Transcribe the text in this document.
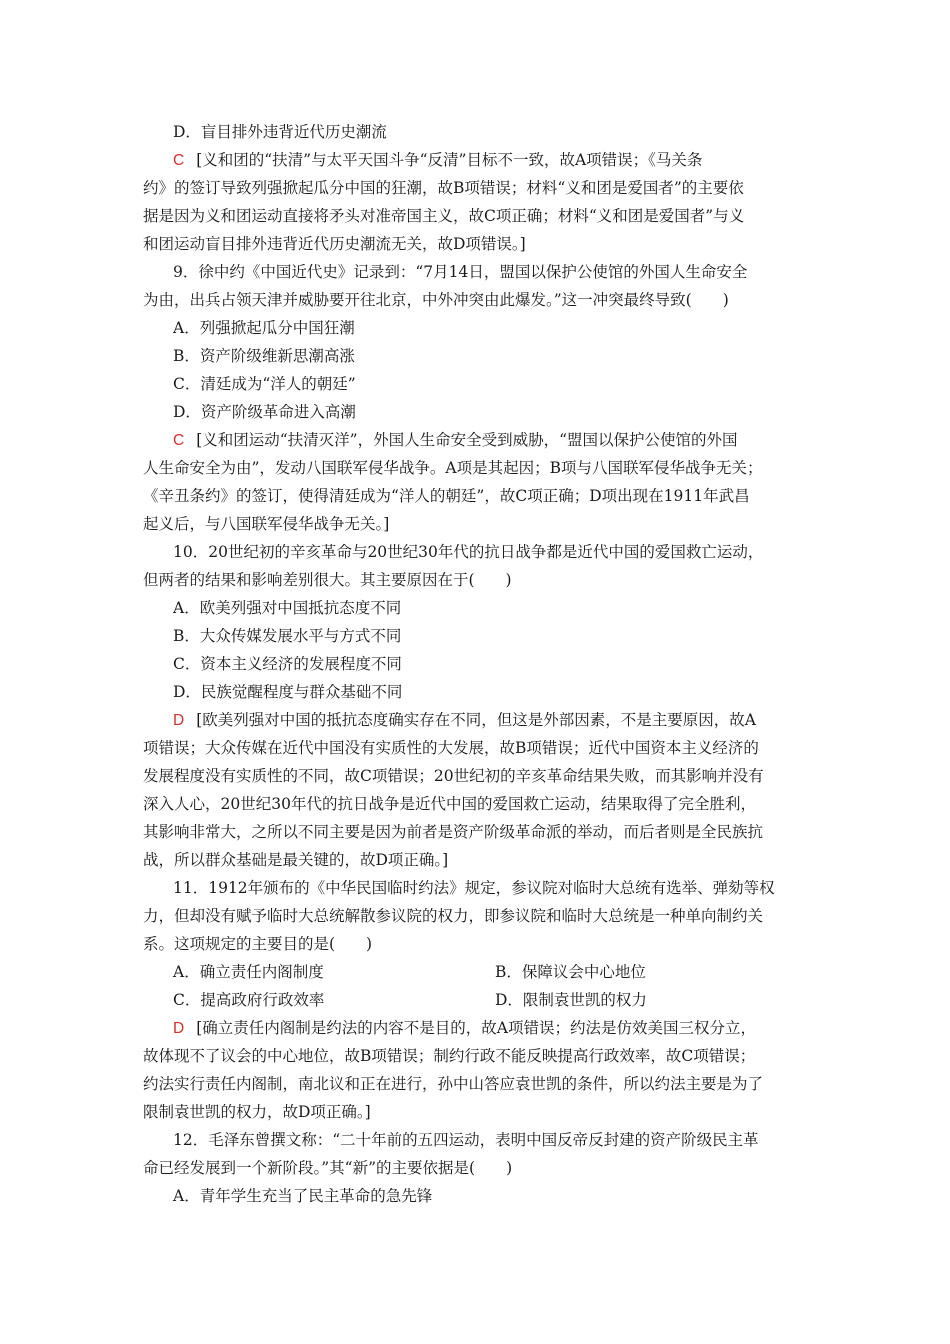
D．盲目排外违背近代历史潮流
C [义和团的“扶清”与太平天国斗争“反清”目标不一致，故A项错误；《马关条
约》的签订导致列强掀起瓜分中国的狂潮，故B项错误；材料“义和团是爱国者”的主要依
据是因为义和团运动直接将矛头对准帝国主义，故C项正确；材料“义和团是爱国者”与义
和团运动盲目排外违背近代历史潮流无关，故D项错误。]
9．徐中约《中国近代史》记录到：“7月14日，盟国以保护公使馆的外国人生命安全
为由，出兵占领天津并威胁要开往北京，中外冲突由此爆发。”这一冲突最终导致(　　)
A．列强掀起瓜分中国狂潮
B．资产阶级维新思潮高涨
C．清廷成为“洋人的朝廷”
D．资产阶级革命进入高潮
C [义和团运动“扶清灭洋”，外国人生命安全受到威胁，“盟国以保护公使馆的外国
人生命安全为由”，发动八国联军侵华战争。A项是其起因；B项与八国联军侵华战争无关；
《辛丑条约》的签订，使得清廷成为“洋人的朝廷”，故C项正确；D项出现在1911年武昌
起义后，与八国联军侵华战争无关。]
10．20世纪初的辛亥革命与20世纪30年代的抗日战争都是近代中国的爱国救亡运动，
但两者的结果和影响差别很大。其主要原因在于(　　)
A．欧美列强对中国抵抗态度不同
B．大众传媒发展水平与方式不同
C．资本主义经济的发展程度不同
D．民族觉醒程度与群众基础不同
D [欧美列强对中国的抵抗态度确实存在不同，但这是外部因素，不是主要原因，故A
项错误；大众传媒在近代中国没有实质性的大发展，故B项错误；近代中国资本主义经济的
发展程度没有实质性的不同，故C项错误；20世纪初的辛亥革命结果失败，而其影响并没有
深入人心，20世纪30年代的抗日战争是近代中国的爱国救亡运动，结果取得了完全胜利，
其影响非常大，之所以不同主要是因为前者是资产阶级革命派的举动，而后者则是全民族抗
战，所以群众基础是最关键的，故D项正确。]
11．1912年颁布的《中华民国临时约法》规定，参议院对临时大总统有选举、弹劾等权
力，但却没有赋予临时大总统解散参议院的权力，即参议院和临时大总统是一种单向制约关
系。这项规定的主要目的是(　　)
A．确立责任内阁制度	B．保障议会中心地位
C．提高政府行政效率	D．限制袁世凯的权力
D [确立责任内阁制是约法的内容不是目的，故A项错误；约法是仿效美国三权分立，
故体现不了议会的中心地位，故B项错误；制约行政不能反映提高行政效率，故C项错误；
约法实行责任内阁制，南北议和正在进行，孙中山答应袁世凯的条件，所以约法主要是为了
限制袁世凯的权力，故D项正确。]
12．毛泽东曾撰文称：“二十年前的五四运动，表明中国反帝反封建的资产阶级民主革
命已经发展到一个新阶段。”其“新”的主要依据是(　　)
A．青年学生充当了民主革命的急先锋
